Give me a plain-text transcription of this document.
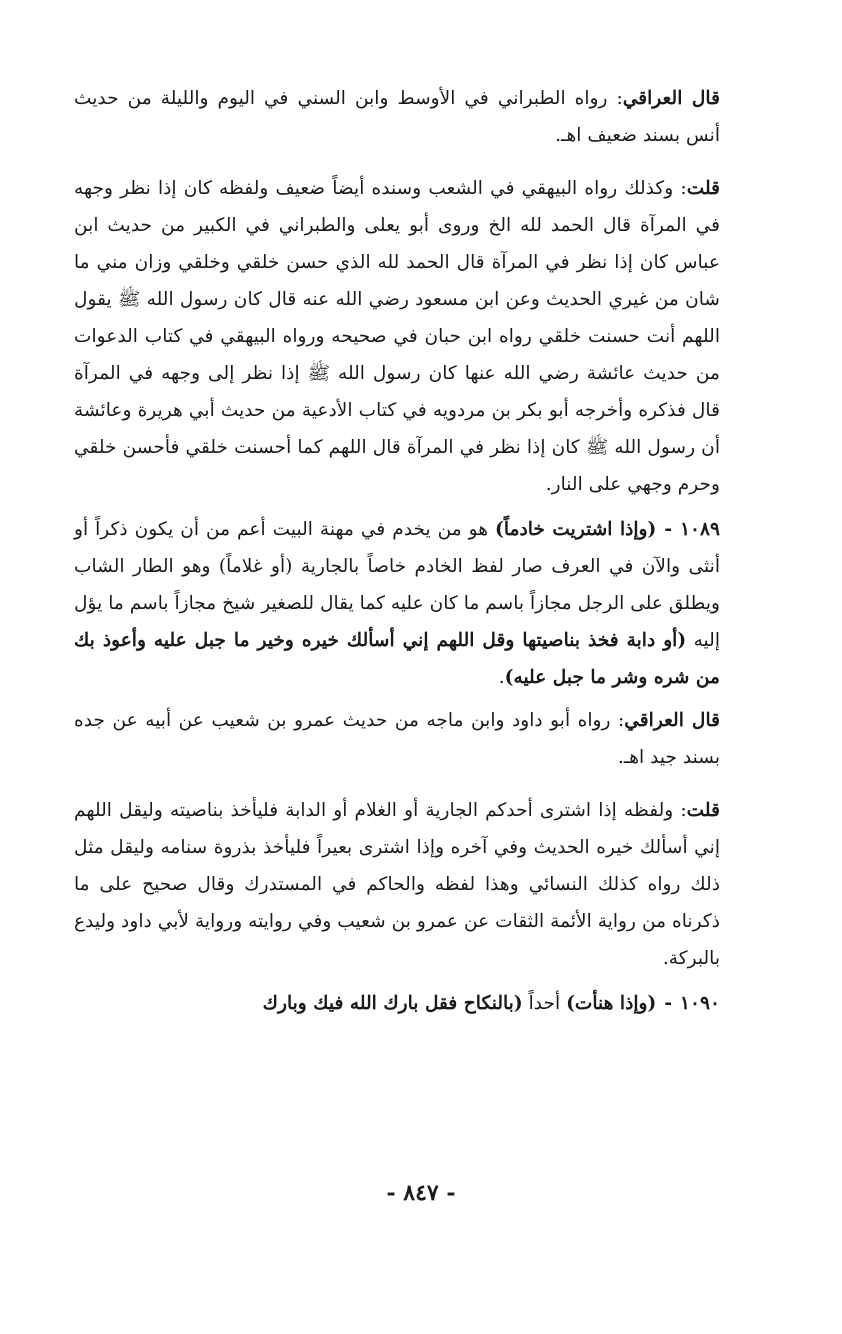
قال العراقي: رواه الطبراني في الأوسط وابن السني في اليوم والليلة من حديث أنس بسند ضعيف اهـ.

قلت: وكذلك رواه البيهقي في الشعب وسنده أيضاً ضعيف ولفظه كان إذا نظر وجهه في المرآة قال الحمد لله الخ وروى أبو يعلى والطبراني في الكبير من حديث ابن عباس كان إذا نظر في المرآة قال الحمد لله الذي حسن خلقي وخلقي وزان مني ما شان من غيري الحديث وعن ابن مسعود رضي الله عنه قال كان رسول الله ﷺ يقول اللهم أنت حسنت خلقي رواه ابن حبان في صحيحه ورواه البيهقي في كتاب الدعوات من حديث عائشة رضي الله عنها كان رسول الله ﷺ إذا نظر إلى وجهه في المرآة قال فذكره وأخرجه أبو بكر بن مردويه في كتاب الأدعية من حديث أبي هريرة وعائشة أن رسول الله ﷺ كان إذا نظر في المرآة قال اللهم كما أحسنت خلقي فأحسن خلقي وحرم وجهي على النار.

١٠٨٩-(وإذا اشتريت خادماً) هو من يخدم في مهنة البيت أعم من أن يكون ذكراً أو أنثى والآن في العرف صار لفظ الخادم خاصاً بالجارية (أو غلاماً) وهو الطار الشاب ويطلق على الرجل مجازاً باسم ما كان عليه كما يقال للصغير شيخ مجازاً باسم ما يؤل إليه (أو دابة فخذ بناصيتها وقل اللهم إني أسألك خيره وخير ما جبل عليه وأعوذ بك من شره وشر ما جبل عليه).

قال العراقي: رواه أبو داود وابن ماجه من حديث عمرو بن شعيب عن أبيه عن جده بسند جيد اهـ.

قلت: ولفظه إذا اشترى أحدكم الجارية أو الغلام أو الدابة فليأخذ بناصيته وليقل اللهم إني أسألك خيره الحديث وفي آخره وإذا اشترى بعيراً فليأخذ بذروة سنامه وليقل مثل ذلك رواه كذلك النسائي وهذا لفظه والحاكم في المستدرك وقال صحيح على ما ذكرناه من رواية الأئمة الثقات عن عمرو بن شعيب وفي روايته ورواية لأبي داود وليدع بالبركة.

١٠٩٠-(وإذا هنأت) أحداً (بالنكاح فقل بارك الله فيك وبارك

- ٨٤٧ -
